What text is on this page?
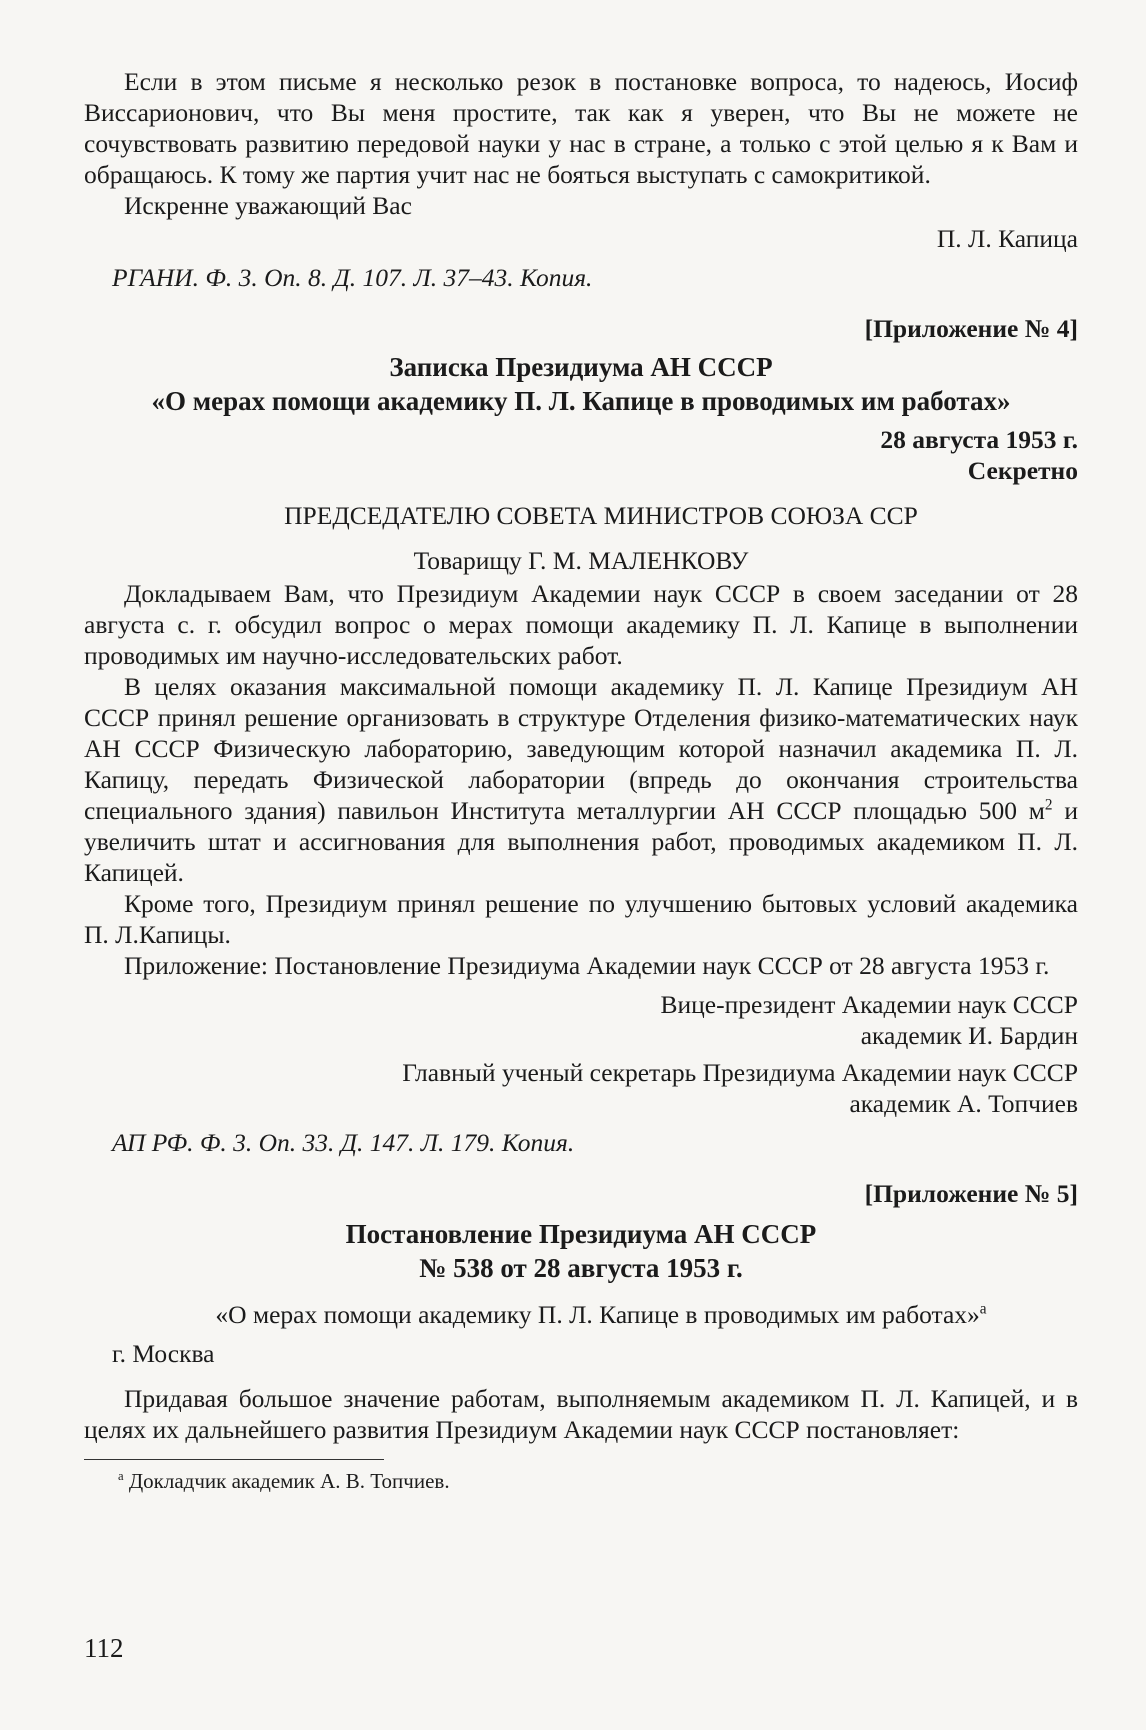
Если в этом письме я несколько резок в постановке вопроса, то надеюсь, Иосиф Виссарионович, что Вы меня простите, так как я уверен, что Вы не можете не сочувствовать развитию передовой науки у нас в стране, а только с этой целью я к Вам и обращаюсь. К тому же партия учит нас не бояться выступать с самокритикой.

Искренне уважающий Вас

П. Л. Капица

РГАНИ. Ф. 3. Оп. 8. Д. 107. Л. 37–43. Копия.

[Приложение № 4]

Записка Президиума АН СССР
«О мерах помощи академику П. Л. Капице в проводимых им работах»

28 августа 1953 г.

Секретно

ПРЕДСЕДАТЕЛЮ СОВЕТА МИНИСТРОВ СОЮЗА ССР

Товарищу Г. М. МАЛЕНКОВУ

Докладываем Вам, что Президиум Академии наук СССР в своем заседании от 28 августа с. г. обсудил вопрос о мерах помощи академику П. Л. Капице в выполнении проводимых им научно-исследовательских работ.

В целях оказания максимальной помощи академику П. Л. Капице Президиум АН СССР принял решение организовать в структуре Отделения физико-математических наук АН СССР Физическую лабораторию, заведующим которой назначил академика П. Л. Капицу, передать Физической лаборатории (впредь до окончания строительства специального здания) павильон Института металлургии АН СССР площадью 500 $м^2$ и увеличить штат и ассигнования для выполнения работ, проводимых академиком П. Л. Капицей.

Кроме того, Президиум принял решение по улучшению бытовых условий академика П. Л.Капицы.

Приложение: Постановление Президиума Академии наук СССР от 28 августа 1953 г.

Вице-президент Академии наук СССР

академик И. Бардин

Главный ученый секретарь Президиума Академии наук СССР

академик А. Топчиев

АП РФ. Ф. 3. Оп. 33. Д. 147. Л. 179. Копия.

[Приложение № 5]

Постановление Президиума АН СССР
№ 538 от 28 августа 1953 г.

«О мерах помощи академику П. Л. Капице в проводимых им работах»$^а$

г. Москва

Придавая большое значение работам, выполняемым академиком П. Л. Капицей, и в целях их дальнейшего развития Президиум Академии наук СССР постановляет:

$^а$ Докладчик академик А. В. Топчиев.

112
